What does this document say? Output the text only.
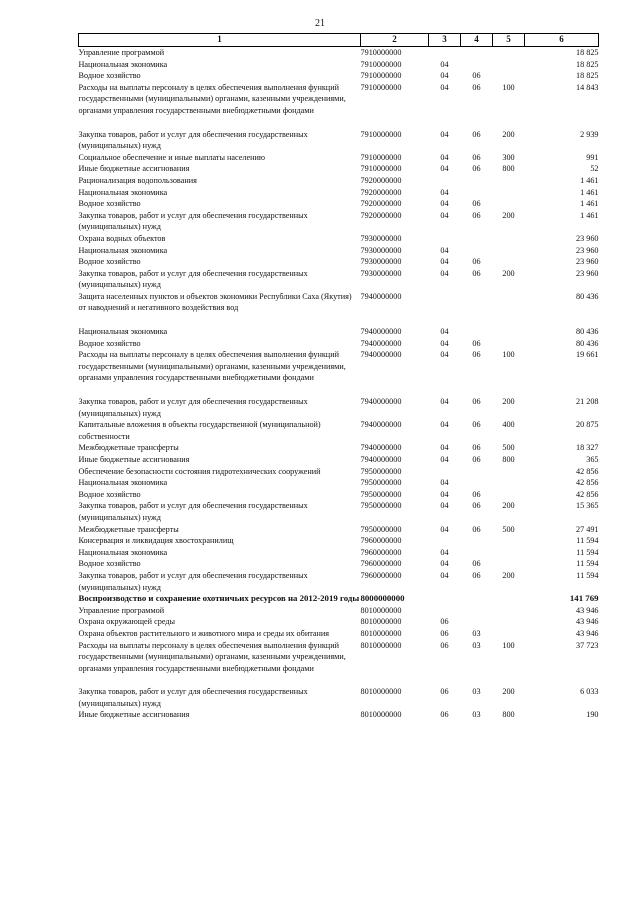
21
1	2	3	4	5	6
Управление программой	7910000000				18 825
Национальная экономика	7910000000	04			18 825
Водное хозяйство	7910000000	04	06		18 825
Расходы на выплаты персоналу в целях обеспечения выполнения функций государственными (муниципальными) органами, казенными учреждениями, органами управления государственными внебюджетными фондами	7910000000	04	06	100	14 843
Закупка товаров, работ и услуг для обеспечения государственных (муниципальных) нужд	7910000000	04	06	200	2 939
Социальное обеспечение и иные выплаты населению	7910000000	04	06	300	991
Иные бюджетные ассигнования	7910000000	04	06	800	52
Рационализация водопользования	7920000000				1 461
Национальная экономика	7920000000	04			1 461
Водное хозяйство	7920000000	04	06		1 461
Закупка товаров, работ и услуг для обеспечения государственных (муниципальных) нужд	7920000000	04	06	200	1 461
Охрана водных объектов	7930000000				23 960
Национальная экономика	7930000000	04			23 960
Водное хозяйство	7930000000	04	06		23 960
Закупка товаров, работ и услуг для обеспечения государственных (муниципальных) нужд	7930000000	04	06	200	23 960
Защита населенных пунктов и объектов экономики Республики Саха (Якутия) от наводнений и негативного воздействия вод	7940000000				80 436
Национальная экономика	7940000000	04			80 436
Водное хозяйство	7940000000	04	06		80 436
Расходы на выплаты персоналу в целях обеспечения выполнения функций государственными (муниципальными) органами, казенными учреждениями, органами управления государственными внебюджетными фондами	7940000000	04	06	100	19 661
Закупка товаров, работ и услуг для обеспечения государственных (муниципальных) нужд	7940000000	04	06	200	21 208
Капитальные вложения в объекты государственной (муниципальной) собственности	7940000000	04	06	400	20 875
Межбюджетные трансферты	7940000000	04	06	500	18 327
Иные бюджетные ассигнования	7940000000	04	06	800	365
Обеспечение безопасности состояния гидротехнических сооружений	7950000000				42 856
Национальная экономика	7950000000	04			42 856
Водное хозяйство	7950000000	04	06		42 856
Закупка товаров, работ и услуг для обеспечения государственных (муниципальных) нужд	7950000000	04	06	200	15 365
Межбюджетные трансферты	7950000000	04	06	500	27 491
Консервация и ликвидация хвостохранилищ	7960000000				11 594
Национальная экономика	7960000000	04			11 594
Водное хозяйство	7960000000	04	06		11 594
Закупка товаров, работ и услуг для обеспечения государственных (муниципальных) нужд	7960000000	04	06	200	11 594
Воспроизводство и сохранение охотничьих ресурсов на 2012-2019 годы	8000000000				141 769
Управление программой	8010000000				43 946
Охрана окружающей среды	8010000000	06			43 946
Охрана объектов растительного и животного мира и среды их обитания	8010000000	06	03		43 946
Расходы на выплаты персоналу в целях обеспечения выполнения функций государственными (муниципальными) органами, казенными учреждениями, органами управления государственными внебюджетными фондами	8010000000	06	03	100	37 723
Закупка товаров, работ и услуг для обеспечения государственных (муниципальных) нужд	8010000000	06	03	200	6 033
Иные бюджетные ассигнования	8010000000	06	03	800	190
